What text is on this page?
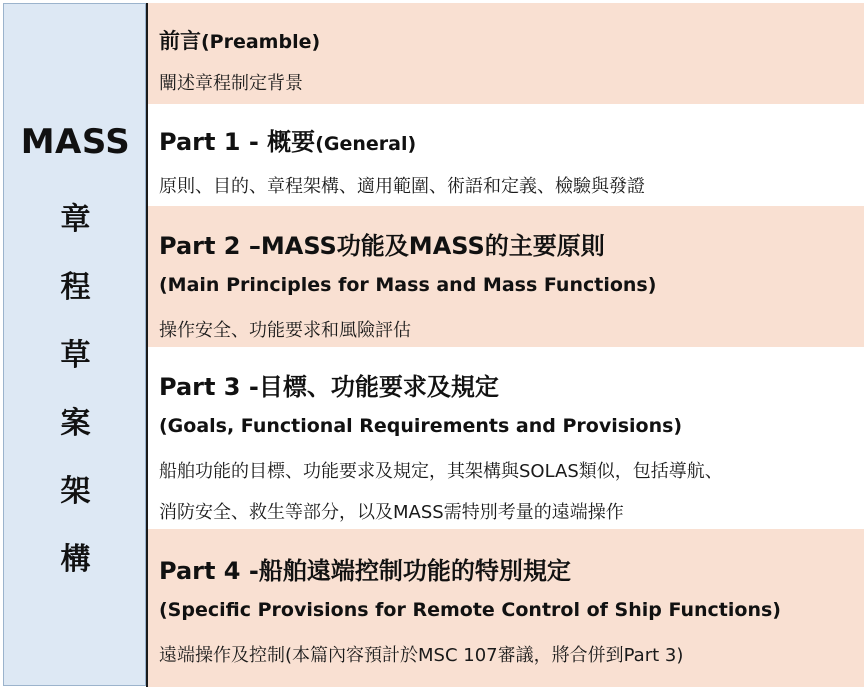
MASS
章
程
草
案
架
構
前言(Preamble)
闡述章程制定背景
Part 1 - 概要(General)
原則、目的、章程架構、適用範圍、術語和定義、檢驗與發證
Part 2 –MASS功能及MASS的主要原則
(Main Principles for Mass and Mass Functions)
操作安全、功能要求和風險評估
Part 3 -目標、功能要求及規定
(Goals, Functional Requirements and Provisions)
船舶功能的目標、功能要求及規定，其架構與SOLAS類似，包括導航、
消防安全、救生等部分，以及MASS需特別考量的遠端操作
Part 4 -船舶遠端控制功能的特別規定
(Specific Provisions for Remote Control of Ship Functions)
遠端操作及控制(本篇內容預計於MSC 107審議，將合併到Part 3)
